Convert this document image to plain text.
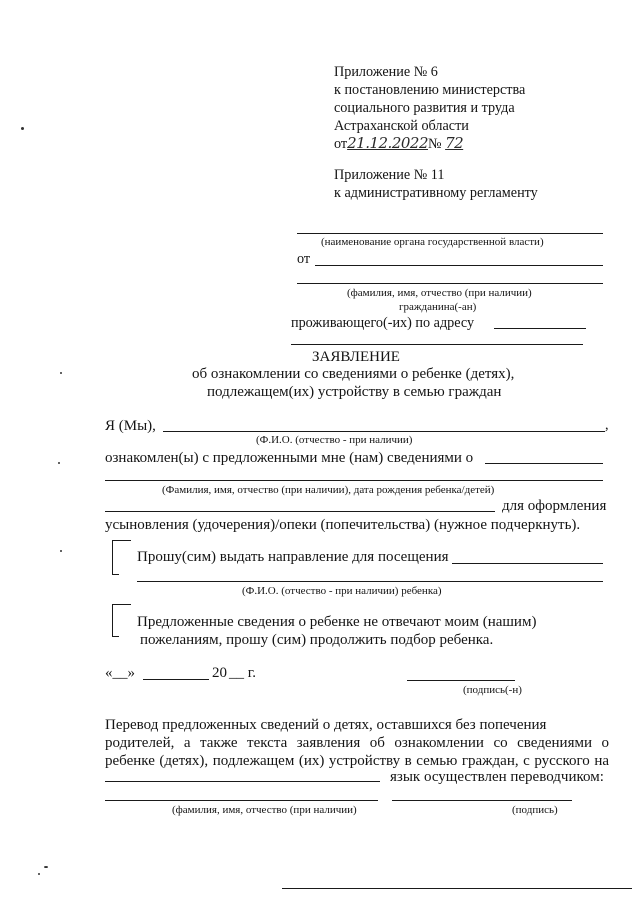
Приложение № 6
к постановлению министерства
социального развития и труда
Астраханской области
от21.12.2022№ 72
Приложение № 11
к административному регламенту
(наименование органа государственной власти)
от
(фамилия, имя, отчество (при наличии)
гражданина(-ан)
проживающего(-их) по адресу
ЗАЯВЛЕНИЕ
об ознакомлении со сведениями о ребенке (детях),
подлежащем(их) устройству в семью граждан
Я (Мы),	,
(Ф.И.О. (отчество - при наличии)
ознакомлен(ы) с предложенными мне (нам) сведениями о
(Фамилия, имя, отчество (при наличии), дата рождения ребенка/детей)
для оформления
усыновления (удочерения)/опеки (попечительства) (нужное подчеркнуть).
Прошу(сим) выдать направление для посещения
(Ф.И.О. (отчество - при наличии) ребенка)
Предложенные сведения о ребенке не отвечают моим (нашим)
пожеланиям, прошу (сим) продолжить подбор ребенка.
«__»	20 __ г.
(подпись(-н)
Перевод предложенных сведений о детях, оставшихся без попечения
родителей, а также текста заявления об ознакомлении со сведениями о
ребенке (детях), подлежащем (их) устройству в семью граждан, с русского на
язык осуществлен переводчиком:
(фамилия, имя, отчество (при наличии)	(подпись)
